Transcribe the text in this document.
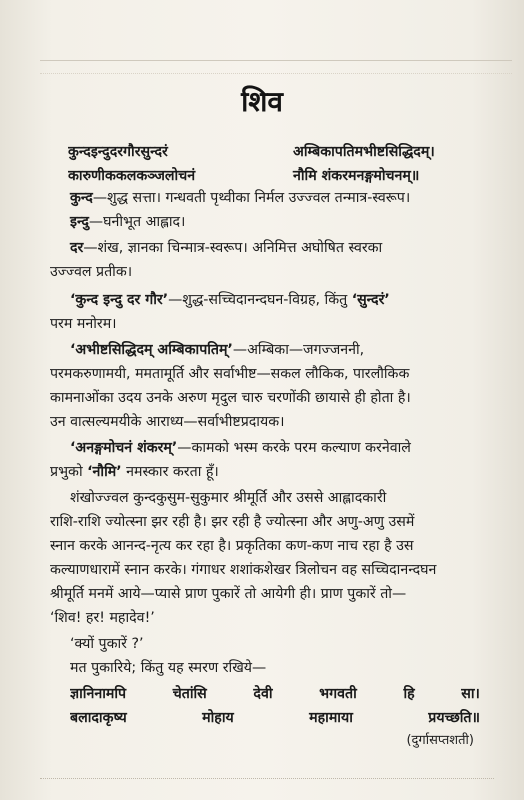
शिव
कुन्दइन्दुदरगौरसुन्दरं	अम्बिकापतिमभीष्टसिद्धिदम्।
कारुणीककलकञ्जलोचनं	नौमि शंकरमनङ्गमोचनम्॥
कुन्द—शुद्ध सत्ता। गन्धवती पृथ्वीका निर्मल उज्ज्वल तन्मात्र-स्वरूप।
इन्दु—घनीभूत आह्लाद।
दर—शंख, ज्ञानका चिन्मात्र-स्वरूप। अनिमित्त अघोषित स्वरका
उज्ज्वल प्रतीक।
‘कुन्द इन्दु दर गौर’—शुद्ध-सच्चिदानन्दघन-विग्रह, किंतु ‘सुन्दरं’
परम मनोरम।
‘अभीष्टसिद्धिदम् अम्बिकापतिम्’—अम्बिका—जगज्जननी,
परमकरुणामयी, ममतामूर्ति और सर्वाभीष्ट—सकल लौकिक, पारलौकिक
कामनाओंका उदय उनके अरुण मृदुल चारु चरणोंकी छायासे ही होता है।
उन वात्सल्यमयीके आराध्य—सर्वाभीष्टप्रदायक।
‘अनङ्गमोचनं शंकरम्’—कामको भस्म करके परम कल्याण करनेवाले
प्रभुको ‘नौमि’ नमस्कार करता हूँ।
शंखोज्ज्वल कुन्दकुसुम-सुकुमार श्रीमूर्ति और उससे आह्लादकारी
राशि-राशि ज्योत्स्ना झर रही है। झर रही है ज्योत्स्ना और अणु-अणु उसमें
स्नान करके आनन्द-नृत्य कर रहा है। प्रकृतिका कण-कण नाच रहा है उस
कल्याणधारामें स्नान करके। गंगाधर शशांकशेखर त्रिलोचन वह सच्चिदानन्दघन
श्रीमूर्ति मनमें आये—प्यासे प्राण पुकारें तो आयेगी ही। प्राण पुकारें तो—
‘शिव! हर! महादेव!’
‘क्यों पुकारें ?’
मत पुकारिये; किंतु यह स्मरण रखिये—
ज्ञानिनामपि	चेतांसि	देवी	भगवती	हि	सा।
बलादाकृष्य	मोहाय	महामाया	प्रयच्छति॥
(दुर्गासप्तशती)
